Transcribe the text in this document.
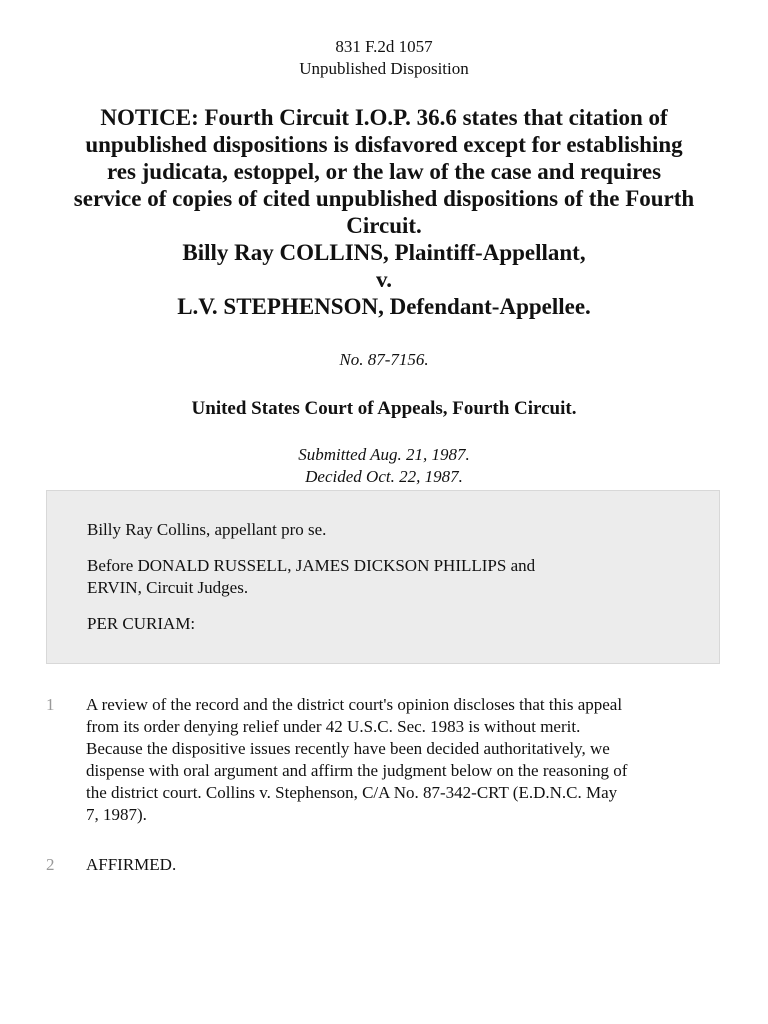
831 F.2d 1057
Unpublished Disposition
NOTICE: Fourth Circuit I.O.P. 36.6 states that citation of
unpublished dispositions is disfavored except for establishing
res judicata, estoppel, or the law of the case and requires
service of copies of cited unpublished dispositions of the Fourth
Circuit.
Billy Ray COLLINS, Plaintiff-Appellant,
v.
L.V. STEPHENSON, Defendant-Appellee.
No. 87-7156.
United States Court of Appeals, Fourth Circuit.
Submitted Aug. 21, 1987.
Decided Oct. 22, 1987.

Billy Ray Collins, appellant pro se.

Before DONALD RUSSELL, JAMES DICKSON PHILLIPS and
ERVIN, Circuit Judges.

PER CURIAM:

1 A review of the record and the district court's opinion discloses that this appeal
from its order denying relief under 42 U.S.C. Sec. 1983 is without merit.
Because the dispositive issues recently have been decided authoritatively, we
dispense with oral argument and affirm the judgment below on the reasoning of
the district court. Collins v. Stephenson, C/A No. 87-342-CRT (E.D.N.C. May
7, 1987).
2 AFFIRMED.
